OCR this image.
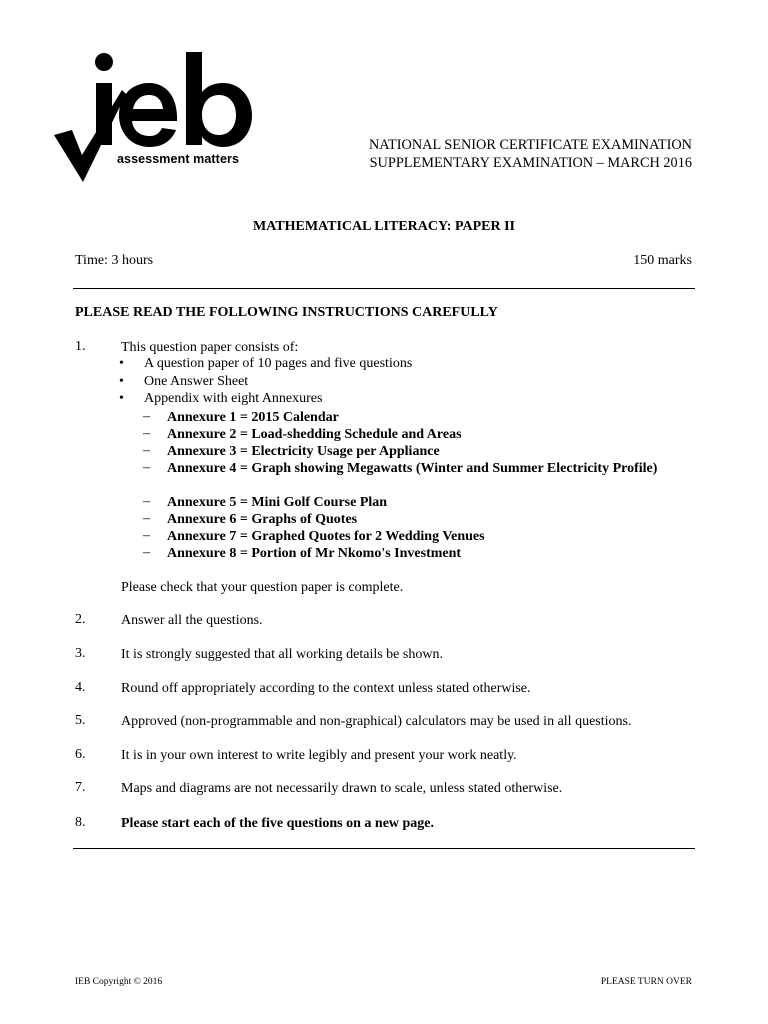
assessment matters
NATIONAL SENIOR CERTIFICATE EXAMINATION
SUPPLEMENTARY EXAMINATION – MARCH 2016
MATHEMATICAL LITERACY: PAPER II
Time: 3 hours	150 marks
PLEASE READ THE FOLLOWING INSTRUCTIONS CAREFULLY
1.	This question paper consists of:
• A question paper of 10 pages and five questions
• One Answer Sheet
• Appendix with eight Annexures
– Annexure 1 = 2015 Calendar
– Annexure 2 = Load-shedding Schedule and Areas
– Annexure 3 = Electricity Usage per Appliance
– Annexure 4 = Graph showing Megawatts (Winter and Summer Electricity Profile)
– Annexure 5 = Mini Golf Course Plan
– Annexure 6 = Graphs of Quotes
– Annexure 7 = Graphed Quotes for 2 Wedding Venues
– Annexure 8 = Portion of Mr Nkomo's Investment
Please check that your question paper is complete.
2.	Answer all the questions.
3.	It is strongly suggested that all working details be shown.
4.	Round off appropriately according to the context unless stated otherwise.
5.	Approved (non-programmable and non-graphical) calculators may be used in all questions.
6.	It is in your own interest to write legibly and present your work neatly.
7.	Maps and diagrams are not necessarily drawn to scale, unless stated otherwise.
8.	Please start each of the five questions on a new page.
IEB Copyright © 2016	PLEASE TURN OVER
